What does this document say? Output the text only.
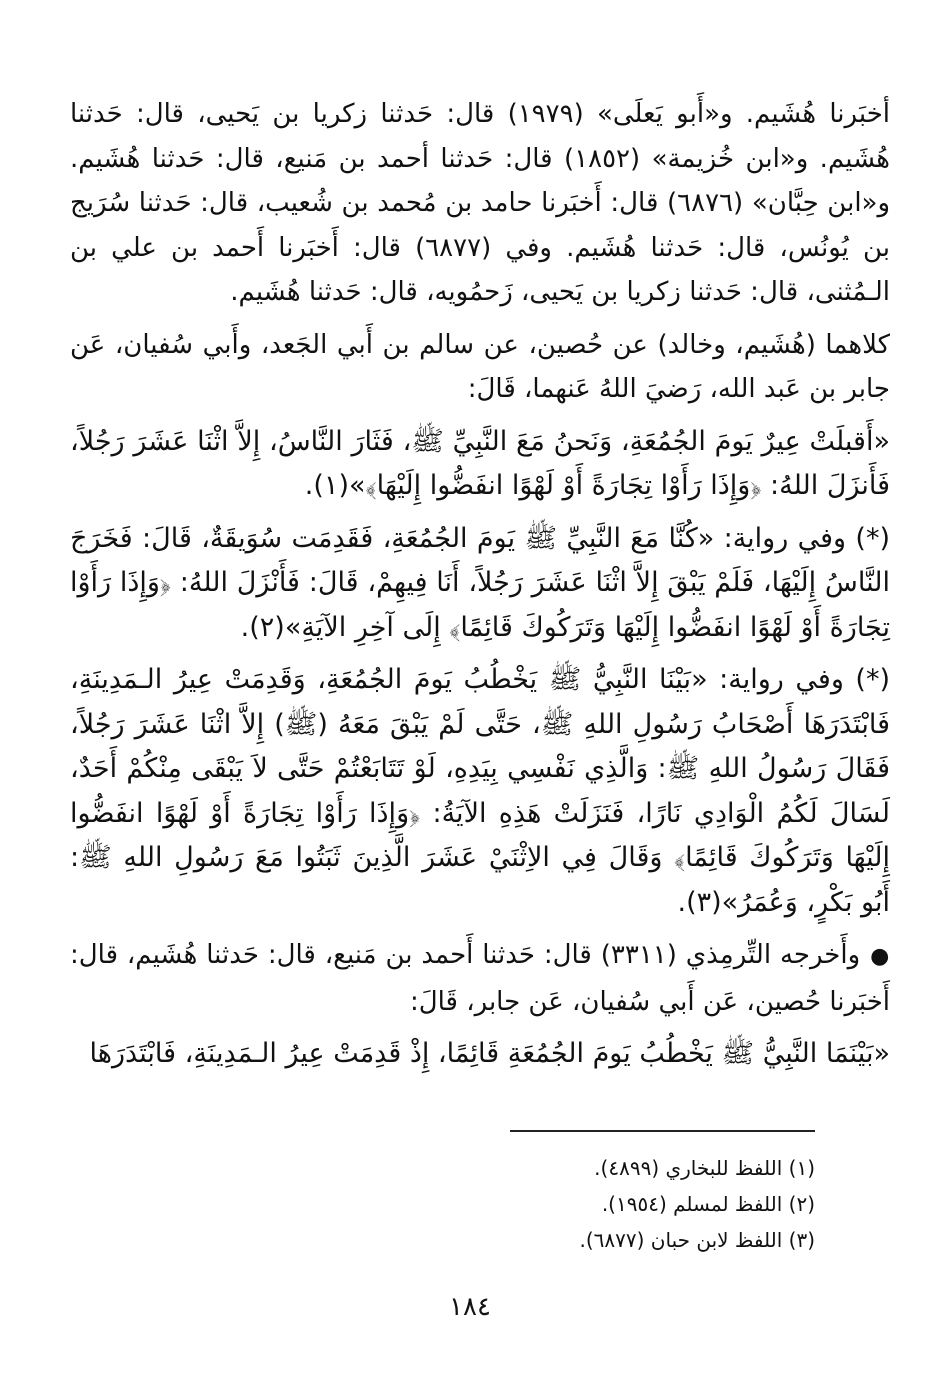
أخبَرنا هُشَيم. و«أَبو يَعلَى» (١٩٧٩) قال: حَدثنا زكريا بن يَحيى، قال: حَدثنا هُشَيم. و«ابن خُزيمة» (١٨٥٢) قال: حَدثنا أحمد بن مَنيع، قال: حَدثنا هُشَيم. و«ابن حِبَّان» (٦٨٧٦) قال: أَخبَرنا حامد بن مُحمد بن شُعيب، قال: حَدثنا سُرَيج بن يُونُس، قال: حَدثنا هُشَيم. وفي (٦٨٧٧) قال: أَخبَرنا أَحمد بن علي بن الـمُثنى، قال: حَدثنا زكريا بن يَحيى، زَحمُويه، قال: حَدثنا هُشَيم.

كلاهما (هُشَيم، وخالد) عن حُصين، عن سالم بن أَبي الجَعد، وأَبي سُفيان، عَن جابر بن عَبد الله، رَضيَ اللهُ عَنهما، قَالَ:

«أَقبلَتْ عِيرٌ يَومَ الجُمُعَةِ، وَنَحنُ مَعَ النَّبِيِّ ﷺ، فَثَارَ النَّاسُ، إِلاَّ اثْنَا عَشَرَ رَجُلاً، فَأَنزَلَ اللهُ: ﴿وَإِذَا رَأَوْا تِجَارَةً أَوْ لَهْوًا انفَضُّوا إِلَيْهَا﴾»(١).

(*) وفي رواية: «كُنَّا مَعَ النَّبِيِّ ﷺ يَومَ الجُمُعَةِ، فَقَدِمَت سُوَيقَةٌ، قَالَ: فَخَرَجَ النَّاسُ إِلَيْهَا، فَلَمْ يَبْقَ إِلاَّ اثْنَا عَشَرَ رَجُلاً، أَنَا فِيهِمْ، قَالَ: فَأَنْزَلَ اللهُ: ﴿وَإِذَا رَأَوْا تِجَارَةً أَوْ لَهْوًا انفَضُّوا إِلَيْهَا وَتَرَكُوكَ قَائِمًا﴾ إِلَى آخِرِ الآيَةِ»(٢).

(*) وفي رواية: «بَيْنَا النَّبِيُّ ﷺ يَخْطُبُ يَومَ الجُمُعَةِ، وَقَدِمَتْ عِيرُ الـمَدِينَةِ، فَابْتَدَرَهَا أَصْحَابُ رَسُولِ اللهِ ﷺ، حَتَّى لَمْ يَبْقَ مَعَهُ (ﷺ) إِلاَّ اثْنَا عَشَرَ رَجُلاً، فَقَالَ رَسُولُ اللهِ ﷺ: وَالَّذِي نَفْسِي بِيَدِهِ، لَوْ تَتَابَعْتُمْ حَتَّى لاَ يَبْقَى مِنْكُمْ أَحَدٌ، لَسَالَ لَكُمُ الْوَادِي نَارًا، فَنَزَلَتْ هَذِهِ الآيَةُ: ﴿وَإِذَا رَأَوْا تِجَارَةً أَوْ لَهْوًا انفَضُّوا إِلَيْهَا وَتَرَكُوكَ قَائِمًا﴾ وَقَالَ فِي الاِثْنَيْ عَشَرَ الَّذِينَ ثَبَتُوا مَعَ رَسُولِ اللهِ ﷺ: أَبُو بَكْرٍ، وَعُمَرُ»(٣).

●وأَخرجه التِّرمِذي (٣٣١١) قال: حَدثنا أَحمد بن مَنيع، قال: حَدثنا هُشَيم، قال: أَخبَرنا حُصين، عَن أَبي سُفيان، عَن جابر، قَالَ:

«بَيْنَمَا النَّبِيُّ ﷺ يَخْطُبُ يَومَ الجُمُعَةِ قَائِمًا، إِذْ قَدِمَتْ عِيرُ الـمَدِينَةِ، فَابْتَدَرَهَا

(١) اللفظ للبخاري (٤٨٩٩).
(٢) اللفظ لمسلم (١٩٥٤).
(٣) اللفظ لابن حبان (٦٨٧٧).
١٨٤
